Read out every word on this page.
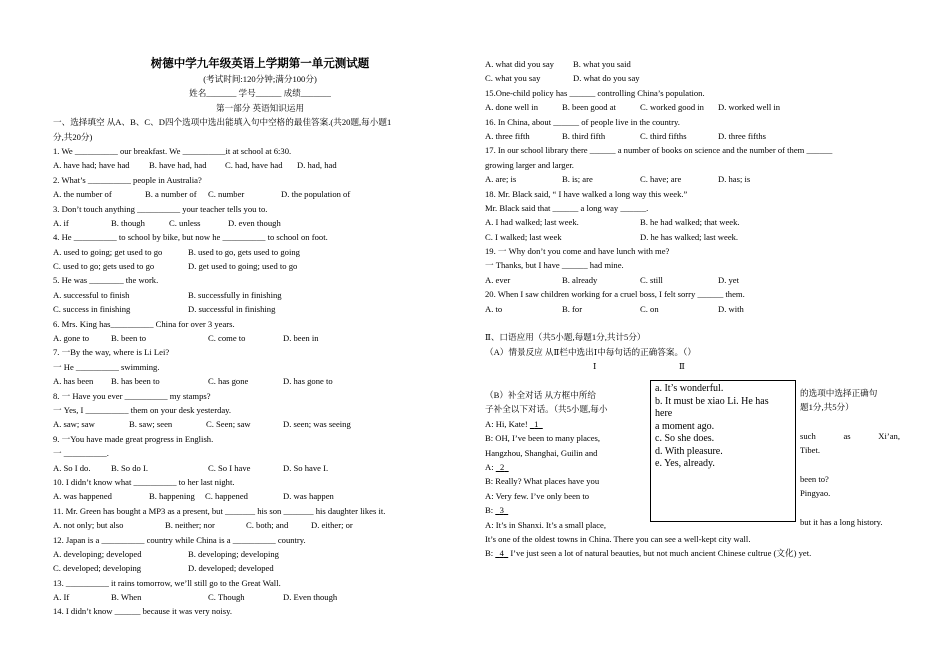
树德中学九年级英语上学期第一单元测试题
(考试时间:120分钟;满分100分)
姓名_______ 学号______ 成绩_______
第一部分 英语知识运用
一、选择填空 从A、B、C、D四个选项中选出能填入句中空格的最佳答案.(共20题,每小题1
分,共20分)
1. We __________ our breakfast. We __________it at school at 6:30.
A. have had; have had B. have had, had C. had, have had D. had, had
2. What’s __________ people in Australia?
A. the number of	B. a number of C. number	D. the population of
3. Don’t touch anything __________ your teacher tells you to.
A. if	B. though	C. unless	D. even though
4. He __________ to school by bike, but now he __________ to school on foot.
A. used to going; get used to go	B. used to go, gets used to going
C. used to go; gets used to go	D. get used to going; used to go
5. He was ________ the work.
A. successful to finish	B. successfully in finishing
C. success in finishing	D. successful in finishing
6. Mrs. King has__________ China for over 3 years.
A. gone to	B. been to	C. come to	D. been in
7. 一By the way, where is Li Lei?
一 He __________ swimming.
A. has been B. has been to	C. has gone	D. has gone to
8. 一 Have you ever __________ my stamps?
一 Yes, I __________ them on your desk yesterday.
A. saw; saw	B. saw; seen	C. Seen; saw	D. seen; was seeing
9. 一You have made great progress in English.
一 __________.
A. So I do. B. So do I.	C. So I have	D. So have I.
10. I didn’t know what __________ to her last night.
A. was happened	B. happening C. happened	D. was happen
11. Mr. Green has bought a MP3 as a present, but _______ his son _______ his daughter likes it.
A. not only; but also	B. neither; nor	C. both; and	D. either; or
12. Japan is a __________ country while China is a __________ country.
A. developing; developed	B. developing; developing
C. developed; developing	D. developed; developed
13. __________ it rains tomorrow, we’ll still go to the Great Wall.
A. If	B. When	C. Though	D. Even though
14. I didn’t know ______ because it was very noisy.
A. what did you say B. what you said
C. what you say	D. what do you say
15.One-child policy has ______ controlling China’s population.
A. done well in	B. been good at	C. worked good in D. worked well in
16. In China, about ______ of people live in the country.
A. three fifth	B. third fifth	C. third fifths	D. three fifths
17. In our school library there ______ a number of books on science and the number of them ______
growing larger and larger.
A. are; is	B. is; are	C. have; are	D. has; is
18. Mr. Black said, “ I have walked a long way this week.”
Mr. Black said that ______ a long way ______.
A. I had walked; last week.	B. he had walked; that week.
C. I walked; last week	D. he has walked; last week.
19. 一 Why don’t you come and have lunch with me?
一 Thanks, but I have ______ had mine.
A. ever	B. already	C. still	D. yet
20. When I saw children working for a cruel boss, I felt sorry ______ them.
A. to	B. for	C. on	D. with
Ⅱ、口语应用（共5小题,每题1分,共计5分）
（A）情景反应 从Ⅱ栏中选出Ⅰ中每句话的正确答案。（）
Ⅰ	Ⅱ
（B）补全对话 从方框中所给
子补全以下对话。（共5小题,每小
A: Hi, Kate! 1
B: OH, I’ve been to many places,
Hangzhou, Shanghai, Guilin and
A: 2
B: Really? What places have you
A: Very few. I’ve only been to
B: 3
A: It’s in Shanxi. It’s a small place,
It’s one of the oldest towns in China. There you can see a well-kept city wall.
B: 4   I’ve just seen a lot of natural beauties, but not much ancient Chinese cultrue (文化) yet.
的选项中选择正确句
题1分,共5分）
such	as	Xi’an,
Tibet.
been to?
Pingyao.
but it has a long history.
a. It’s wonderful.
b. It must be xiao Li. He has
here
a moment ago.
c. So she does.
d. With pleasure.
e. Yes, already.
